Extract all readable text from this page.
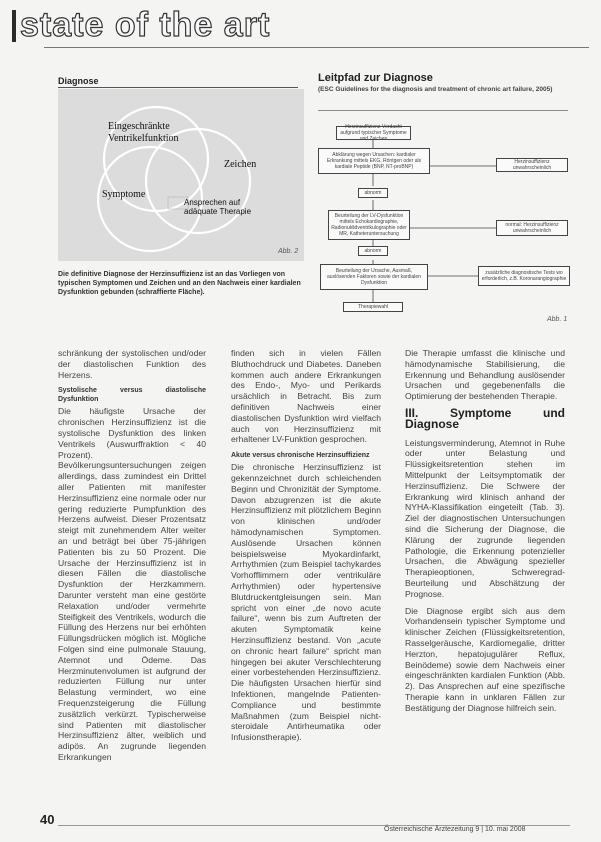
state of the art
Diagnose
Eingeschränkte
Ventrikelfunktion
Symptome
Zeichen
Ansprechen auf
adäquate Therapie
Abb. 2
Die definitive Diagnose der Herzinsuffizienz ist an das Vorliegen von typischen Symptomen und Zeichen und an den Nachweis einer kardialen Dysfunktion gebunden (schraffierte Fläche).
Leitpfad zur Diagnose
(ESC Guidelines for the diagnosis and treatment of chronic art failure, 2005)
Herzinsuffizienz-Verdacht aufgrund typischer Symptome und Zeichen
Abklärung wegen Ursachen: kardialer Erkrankung mittels EKG, Röntgen oder als kardiale Peptide (BNP, NT-proBNP)
Herzinsuffizienz unwahrscheinlich
abnorm
Beurteilung der LV-Dysfunktion mittels Echokardiographie, Radionuklidventrikulographie oder MR, Katheteruntersuchung
normal: Herzinsuffizienz unwahrscheinlich
abnorm
Beurteilung der Ursache, Ausmaß, auslösenden Faktoren sowie der kardialen Dysfunktion
zusätzliche diagnostische Tests wo erforderlich, z.B. Koronarangiographie
Therapiewahl
Abb. 1

schränkung der systolischen und/oder der diastolischen Funktion des Herzens.

Systolische versus diastolische Dysfunktion

Die häufigste Ursache der chronischen Herzinsuffizienz ist die systolische Dysfunktion des linken Ventrikels (Auswurffraktion < 40 Prozent). Bevölkerungsuntersuchungen zeigen allerdings, dass zumindest ein Drittel aller Patienten mit manifester Herzinsuffizienz eine normale oder nur gering reduzierte Pumpfunktion des Herzens aufweist. Dieser Prozentsatz steigt mit zunehmendem Alter weiter an und beträgt bei über 75-jährigen Patienten bis zu 50 Prozent. Die Ursache der Herzinsuffizienz ist in diesen Fällen die diastolische Dysfunktion der Herzkammern. Darunter versteht man eine gestörte Relaxation und/oder vermehrte Steifigkeit des Ventrikels, wodurch die Füllung des Herzens nur bei erhöhten Füllungsdrücken möglich ist. Mögliche Folgen sind eine pulmonale Stauung, Atemnot und Ödeme. Das Herzminutenvolumen ist aufgrund der reduzierten Füllung nur unter Belastung vermindert, wo eine Frequenzsteigerung die Füllung zusätzlich verkürzt. Typischerweise sind Patienten mit diastolischer Herzinsuffizienz älter, weiblich und adipös. An zugrunde liegenden Erkrankungen

finden sich in vielen Fällen Bluthochdruck und Diabetes. Daneben kommen auch andere Erkrankungen des Endo-, Myo- und Perikards ursächlich in Betracht. Bis zum definitiven Nachweis einer diastolischen Dysfunktion wird vielfach auch von Herzinsuffizienz mit erhaltener LV-Funktion gesprochen.

Akute versus chronische Herzinsuffizienz

Die chronische Herzinsuffizienz ist gekennzeichnet durch schleichenden Beginn und Chronizität der Symptome. Davon abzugrenzen ist die akute Herzinsuffizienz mit plötzlichem Beginn von klinischen und/oder hämodynamischen Symptomen. Auslösende Ursachen können beispielsweise Myokardinfarkt, Arrhythmien (zum Beispiel tachykardes Vorhofflimmern oder ventrikuläre Arrhythmien) oder hypertensive Blutdruckentgleisungen sein. Man spricht von einer „de novo acute failure“, wenn bis zum Auftreten der akuten Symptomatik keine Herzinsuffizienz bestand. Von „acute on chronic heart failure“ spricht man hingegen bei akuter Verschlechterung einer vorbestehenden Herzinsuffizienz. Die häufigsten Ursachen hierfür sind Infektionen, mangelnde Patienten-Compliance und bestimmte Maßnahmen (zum Beispiel nicht-steroidale Antirheumatika oder Infusionstherapie).

Die Therapie umfasst die klinische und hämodynamische Stabilisierung, die Erkennung und Behandlung auslösender Ursachen und gegebenenfalls die Optimierung der bestehenden Therapie.

III. Symptome und Diagnose

Leistungsverminderung, Atemnot in Ruhe oder unter Belastung und Flüssigkeitsretention stehen im Mittelpunkt der Leitsymptomatik der Herzinsuffizienz. Die Schwere der Erkrankung wird klinisch anhand der NYHA-Klassifikation eingeteilt (Tab. 3). Ziel der diagnostischen Untersuchungen sind die Sicherung der Diagnose, die Klärung der zugrunde liegenden Pathologie, die Erkennung potenzieller Ursachen, die Abwägung spezieller Therapieoptionen, Schweregrad-Beurteilung und Abschätzung der Prognose.

Die Diagnose ergibt sich aus dem Vorhandensein typischer Symptome und klinischer Zeichen (Flüssigkeitsretention, Rasselgeräusche, Kardiomegalie, dritter Herzton, hepatojugulärer Reflux, Beinödeme) sowie dem Nachweis einer eingeschränkten kardialen Funktion (Abb. 2). Das Ansprechen auf eine spezifische Therapie kann in unklaren Fällen zur Bestätigung der Diagnose hilfreich sein.

40
Österreichische Ärztezeitung 9 | 10. mai 2008
